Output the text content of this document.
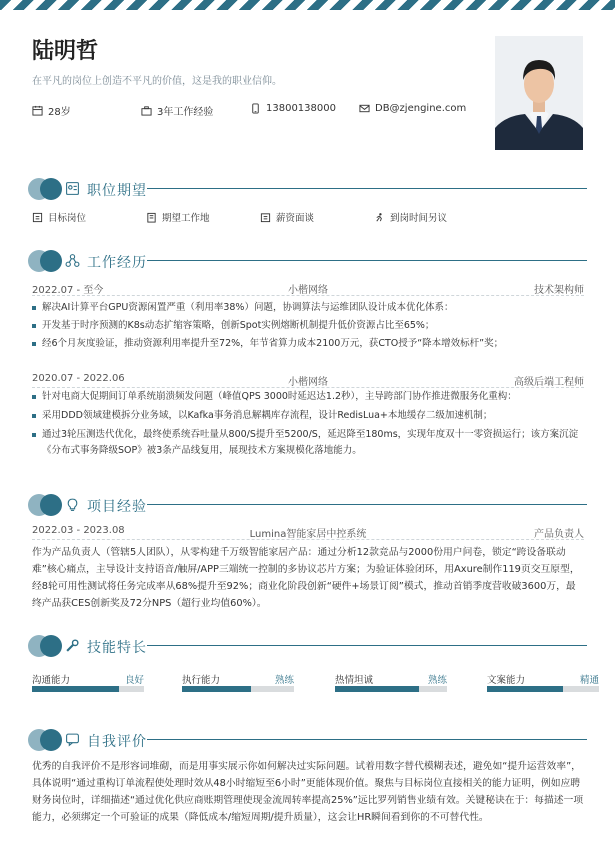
陆明哲
在平凡的岗位上创造不平凡的价值，这是我的职业信仰。
28岁	3年工作经验	13800138000	DB@zjengine.com
职位期望
目标岗位	期望工作地	薪资面谈	到岗时间另议
工作经历
2022.07 - 至今	小楷网络	技术架构师
解决AI计算平台GPU资源闲置严重（利用率38%）问题，协调算法与运维团队设计成本优化体系：
开发基于时序预测的K8s动态扩缩容策略，创新Spot实例熔断机制提升低价资源占比至65%；
经6个月灰度验证，推动资源利用率提升至72%，年节省算力成本2100万元，获CTO授予“降本增效标杆”奖；
2020.07 - 2022.06	小楷网络	高级后端工程师
针对电商大促期间订单系统崩溃频发问题（峰值QPS 3000时延迟达1.2秒），主导跨部门协作推进微服务化重构：
采用DDD领域建模拆分业务域，以Kafka事务消息解耦库存流程，设计RedisLua+本地缓存二级加速机制；
通过3轮压测迭代优化，最终使系统吞吐量从800/S提升至5200/S，延迟降至180ms，实现年度双十一零资损运行；该方案沉淀《分布式事务降级SOP》被3条产品线复用，展现技术方案规模化落地能力。
项目经验
2022.03 - 2023.08	Lumina智能家居中控系统	产品负责人
作为产品负责人（管辖5人团队），从零构建千万级智能家居产品：通过分析12款竞品与2000份用户问卷，锁定“跨设备联动难”核心痛点，主导设计支持语音/触屏/APP三端统一控制的多协议芯片方案；为验证体验闭环，用Axure制作119页交互原型，经8轮可用性测试将任务完成率从68%提升至92%；商业化阶段创新“硬件+场景订阅”模式，推动首销季度营收破3600万，最终产品获CES创新奖及72分NPS（超行业均值60%）。
技能特长
沟通能力	良好	执行能力	熟练	热情坦诚	熟练	文案能力	精通
自我评价
优秀的自我评价不是形容词堆砌，而是用事实展示你如何解决过实际问题。试着用数字替代模糊表述，避免如“提升运营效率”，具体说明“通过重构订单流程使处理时效从48小时缩短至6小时”更能体现价值。聚焦与目标岗位直接相关的能力证明，例如应聘财务岗位时，详细描述“通过优化供应商账期管理使现金流周转率提高25%”远比罗列销售业绩有效。关键秘诀在于：每描述一项能力，必须绑定一个可验证的成果（降低成本/缩短周期/提升质量），这会让HR瞬间看到你的不可替代性。
